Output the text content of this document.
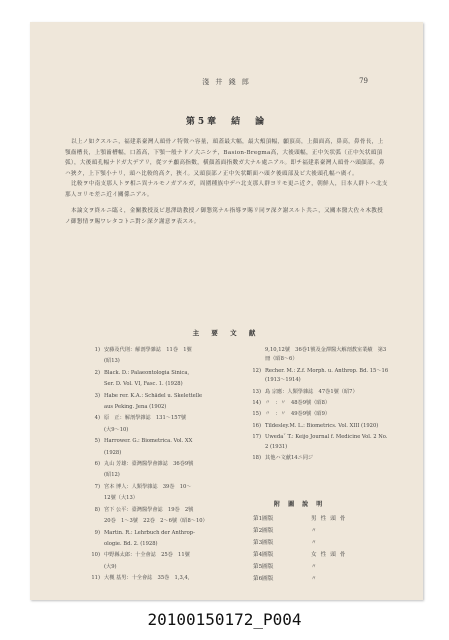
淺 井 錢 郎	79
第5章　結　論

以上ノ如クスルニ，福建系臺灣人頭骨ノ特徵ハ容量，頭蓋最大幅，最大頰頂幅，顱頂高，上顔面高，鼻高，鼻骨長，上顎齒槽長，上顎齒槽幅，口蓋高，下顎一般ナドノ大ニシテ，Basion-Bregma高，大後頭幅，正中矢状弧（正中矢状頭頂弧），大後頭孔幅ナドガ大デアリ，從ツテ顱高指數，横顔蓋面指數ガ大ナル處ニアル。即チ福建系臺灣人頭骨ハ頭顔部，鼻ハ狹ク，上下顎小ナリ，頭ハ比較的高ク，狹イ。又頭頂部ノ正中矢状斷面ハ頭ク後頭部及ビ大後頭孔幅ハ廣イ。

比較ヲ中南支那人トヲ相ニ異ナルモノガアルガ，周圍種族中デハ北支那人群ヨリモ更ニ近ク，朝鮮人，日本人群トハ北支那人ヨリモ差ニ近イ關係ニアル。

本論文ヲ終ルニ臨ミ，金關教授及ビ恩澤助教授ノ御懇篤ナル指導ヲ賜リ同ヲ深ク謝スルト共ニ，又關本醫大佐々木教授ノ御懇情ヲ賜ワレタコトニ對シ深ク謝意ヲ表スル。

主 要 文 献
1) 安藤及代則：解剖學雜誌　11巻　1號
(昭13)
2) Black. D.: Palaeontologia Sinica,
Ser. D. Vol. VI, Fasc. 1. (1928)
3) Habe rer. K.A.: Schädel u. Skelettelle
aus Peking. Jena (1902)
4) 原　正：解剖學雜誌　131～157號
(大9～10)
5) Harrower. G.: Biometrica. Vol. XX
(1928)
6) 丸山 芳雄：臺灣醫學會雜誌　36巻9號
(昭12)
7) 宮本 博人：人類學雜誌　39巻　10～
12號（大13）
8) 宮下 公平：臺灣醫學會誌　19巻　2號
20巻　1～3號　22巻　2～6號（昭8～10）
9) Martin. R.: Lehrbuch der Anthrop-
ologie. Bd. 2. (1928)
10) 中野縣太郎：十全會誌　25巻　11號
(大9)
11) 大槻 基男：十全會誌　35巻　1,3,4,
9,10,12號　36巻1號及金澤醫大解剖教室業績　第3冊（昭8～6）
12) Recher. M.: Z.f. Morph. u. Anthrop. Bd. 15～16 (1913～1914)
13) 島 宗應：人類學雜誌　47巻1號（昭7）
14) 〃　：〃　48巻9號（昭8）
15) 〃　：〃　49巻9號（昭9）
16) Tildesley.M. L.: Biometrics. Vol. XIII (1920)
17) Uwedaˇ T.: Keijo Journal f. Medicine Vol. 2 No. 2 (1931)
18) 其他ハ文献14ニ同ジ
附 圖 說 明
第1圖版	男性頭骨
第2圖版	〃
第3圖版	〃
第4圖版	女性頭骨
第5圖版	〃
第6圖版	〃
20100150172_P004
